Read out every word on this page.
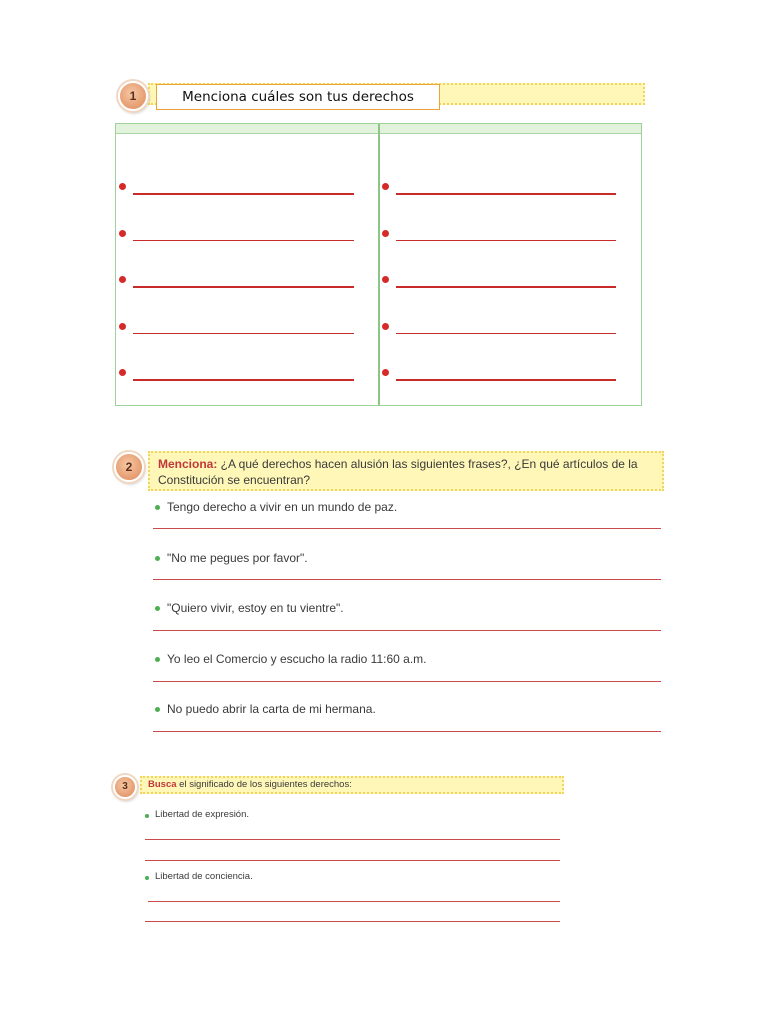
1	Menciona cuáles son tus derechos
2	Menciona: ¿A qué derechos hacen alusión las siguientes frases?, ¿En qué artículos de la Constitución se encuentran?
Tengo derecho a vivir en un mundo de paz.
"No me pegues por favor".
"Quiero vivir, estoy en tu vientre".
Yo leo el Comercio y escucho la radio 11:60 a.m.
No puedo abrir la carta de mi hermana.
3	Busca el significado de los siguientes derechos:
Libertad de expresión.
Libertad de conciencia.
